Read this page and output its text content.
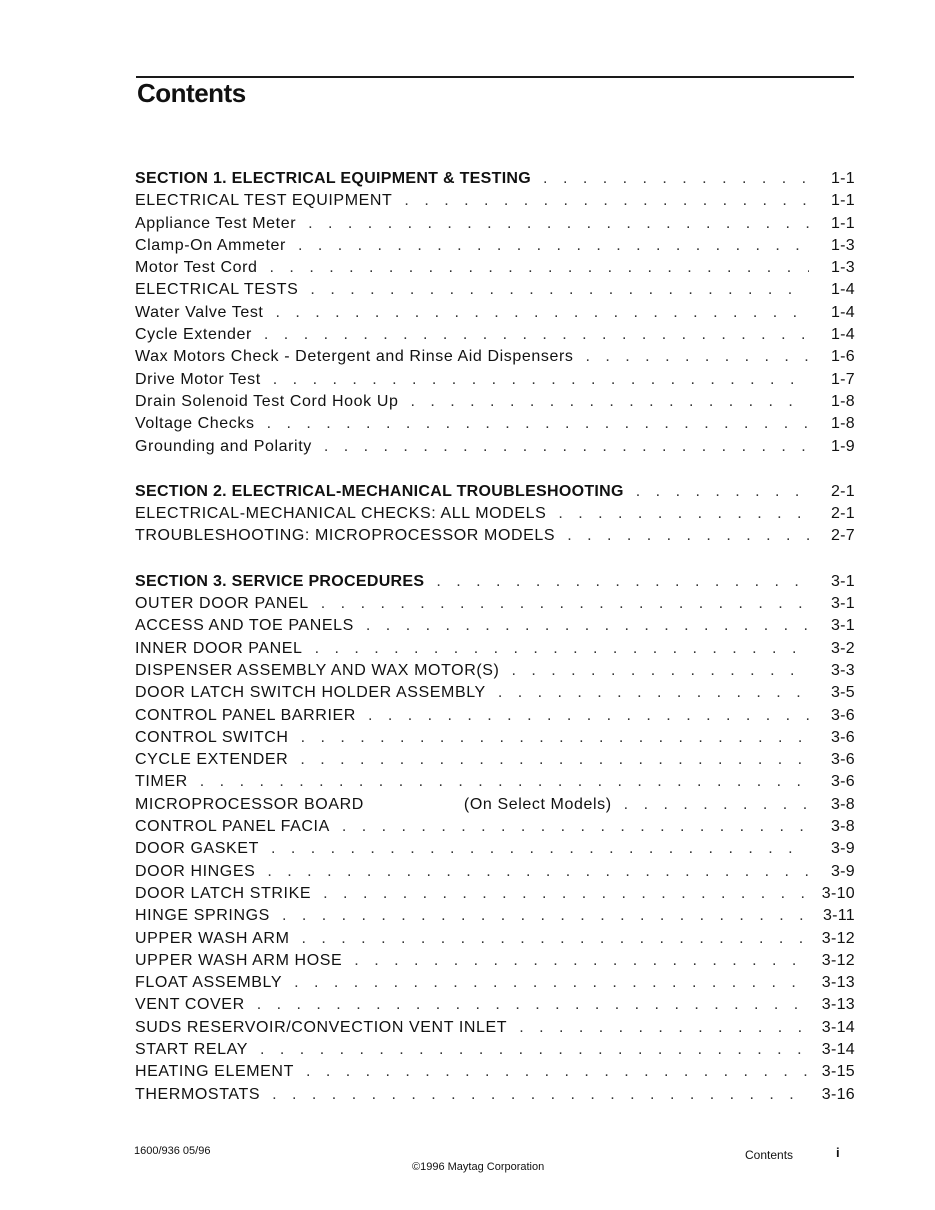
Contents
SECTION 1. ELECTRICAL EQUIPMENT & TESTING . . .	1-1
ELECTRICAL TEST EQUIPMENT . . .	1-1
Appliance Test Meter . . .	1-1
Clamp-On Ammeter . . .	1-3
Motor Test Cord . . .	1-3
ELECTRICAL TESTS . . .	1-4
Water Valve Test . . .	1-4
Cycle Extender . . .	1-4
Wax Motors Check - Detergent and Rinse Aid Dispensers . . .	1-6
Drive Motor Test . . .	1-7
Drain Solenoid Test Cord Hook Up . . .	1-8
Voltage Checks . . .	1-8
Grounding and Polarity . . .	1-9
SECTION 2. ELECTRICAL-MECHANICAL TROUBLESHOOTING . . .	2-1
ELECTRICAL-MECHANICAL CHECKS: ALL MODELS . . .	2-1
TROUBLESHOOTING: MICROPROCESSOR MODELS . . .	2-7
SECTION 3. SERVICE PROCEDURES . . .	3-1
OUTER DOOR PANEL . . .	3-1
ACCESS AND TOE PANELS . . .	3-1
INNER DOOR PANEL . . .	3-2
DISPENSER ASSEMBLY AND WAX MOTOR(S) . . .	3-3
DOOR LATCH SWITCH HOLDER ASSEMBLY . . .	3-5
CONTROL PANEL BARRIER . . .	3-6
CONTROL SWITCH . . .	3-6
CYCLE EXTENDER . . .	3-6
TIMER . . .	3-6
MICROPROCESSOR BOARD	(On Select Models) . . .	3-8
CONTROL PANEL FACIA . . .	3-8
DOOR GASKET . . .	3-9
DOOR HINGES . . .	3-9
DOOR LATCH STRIKE . . .	3-10
HINGE SPRINGS . . .	3-11
UPPER WASH ARM . . .	3-12
UPPER WASH ARM HOSE . . .	3-12
FLOAT ASSEMBLY . . .	3-13
VENT COVER . . .	3-13
SUDS RESERVOIR/CONVECTION VENT INLET . . .	3-14
START RELAY . . .	3-14
HEATING ELEMENT . . .	3-15
THERMOSTATS . . .	3-16
1600/936 05/96
©1996 Maytag Corporation
Contents	i
